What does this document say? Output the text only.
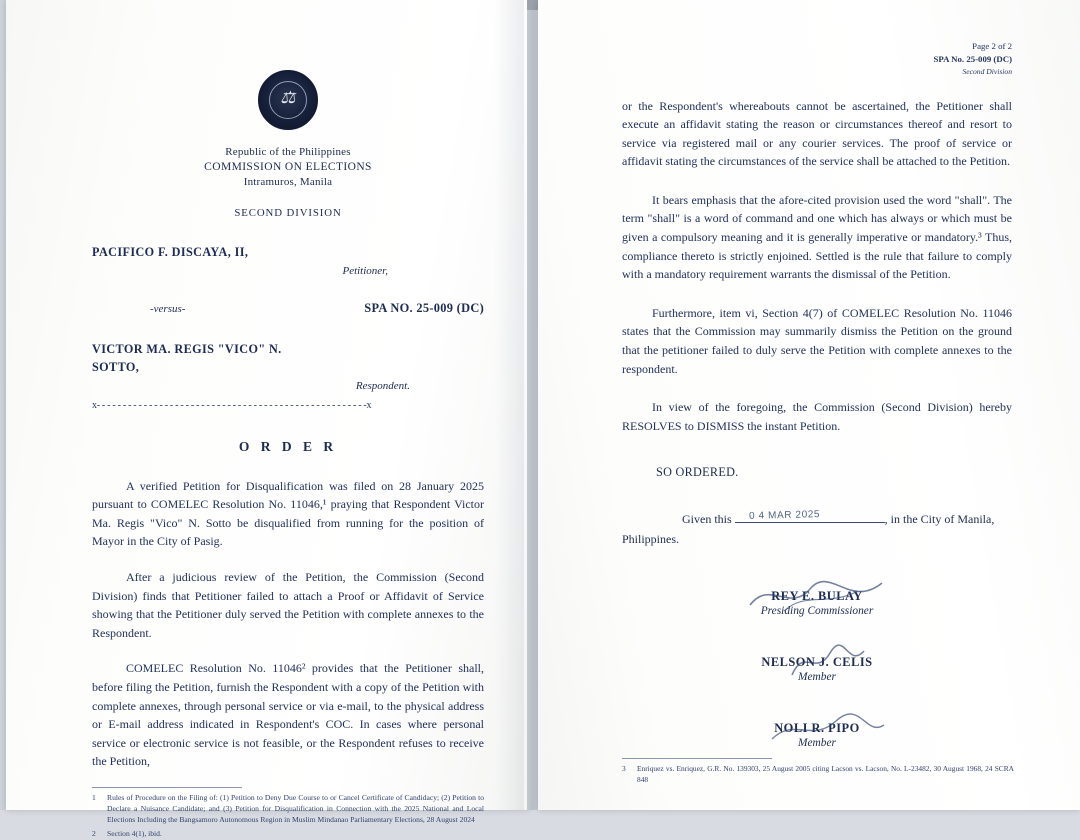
⚖
Republic of the Philippines
COMMISSION ON ELECTIONS
Intramuros, Manila
SECOND DIVISION
PACIFICO F. DISCAYA, II,
Petitioner,
-versus-	SPA NO. 25-009 (DC)
VICTOR MA. REGIS "VICO" N.
SOTTO,
Respondent.
x- - - - - - - - - - - - - - - - - - - - - - - - - - - - - - - - - - - - - - - - - - - - - - - - - - - -x
O R D E R

A verified Petition for Disqualification was filed on 28 January 2025 pursuant to COMELEC Resolution No. 11046,¹ praying that Respondent Victor Ma. Regis "Vico" N. Sotto be disqualified from running for the position of Mayor in the City of Pasig.

After a judicious review of the Petition, the Commission (Second Division) finds that Petitioner failed to attach a Proof or Affidavit of Service showing that the Petitioner duly served the Petition with complete annexes to the Respondent.

COMELEC Resolution No. 11046² provides that the Petitioner shall, before filing the Petition, furnish the Respondent with a copy of the Petition with complete annexes, through personal service or via e-mail, to the physical address or E-mail address indicated in Respondent's COC. In cases where personal service or electronic service is not feasible, or the Respondent refuses to receive the Petition,

1	Rules of Procedure on the Filing of: (1) Petition to Deny Due Course to or Cancel Certificate of Candidacy; (2) Petition to Declare a Nuisance Candidate; and (3) Petition for Disqualification in Connection with the 2025 National and Local Elections Including the Bangsamoro Autonomous Region in Muslim Mindanao Parliamentary Elections, 28 August 2024
2	Section 4(1), ibid.
Page 2 of 2
SPA No. 25-009 (DC)
Second Division

or the Respondent's whereabouts cannot be ascertained, the Petitioner shall execute an affidavit stating the reason or circumstances thereof and resort to service via registered mail or any courier services. The proof of service or affidavit stating the circumstances of the service shall be attached to the Petition.

It bears emphasis that the afore-cited provision used the word "shall". The term "shall" is a word of command and one which has always or which must be given a compulsory meaning and it is generally imperative or mandatory.³ Thus, compliance thereto is strictly enjoined. Settled is the rule that failure to comply with a mandatory requirement warrants the dismissal of the Petition.

Furthermore, item vi, Section 4(7) of COMELEC Resolution No. 11046 states that the Commission may summarily dismiss the Petition on the ground that the petitioner failed to duly serve the Petition with complete annexes to the respondent.

In view of the foregoing, the Commission (Second Division) hereby RESOLVES to DISMISS the instant Petition.

SO ORDERED.
Given this 0 4 MAR 2025	, in the City of Manila,
Philippines.
REY E. BULAY
Presiding Commissioner
NELSON J. CELIS
Member
NOLI R. PIPO
Member
3	Enriquez vs. Enriquez, G.R. No. 139303, 25 August 2005 citing Lacson vs. Lacson, No. L-23482, 30 August 1968, 24 SCRA 848
